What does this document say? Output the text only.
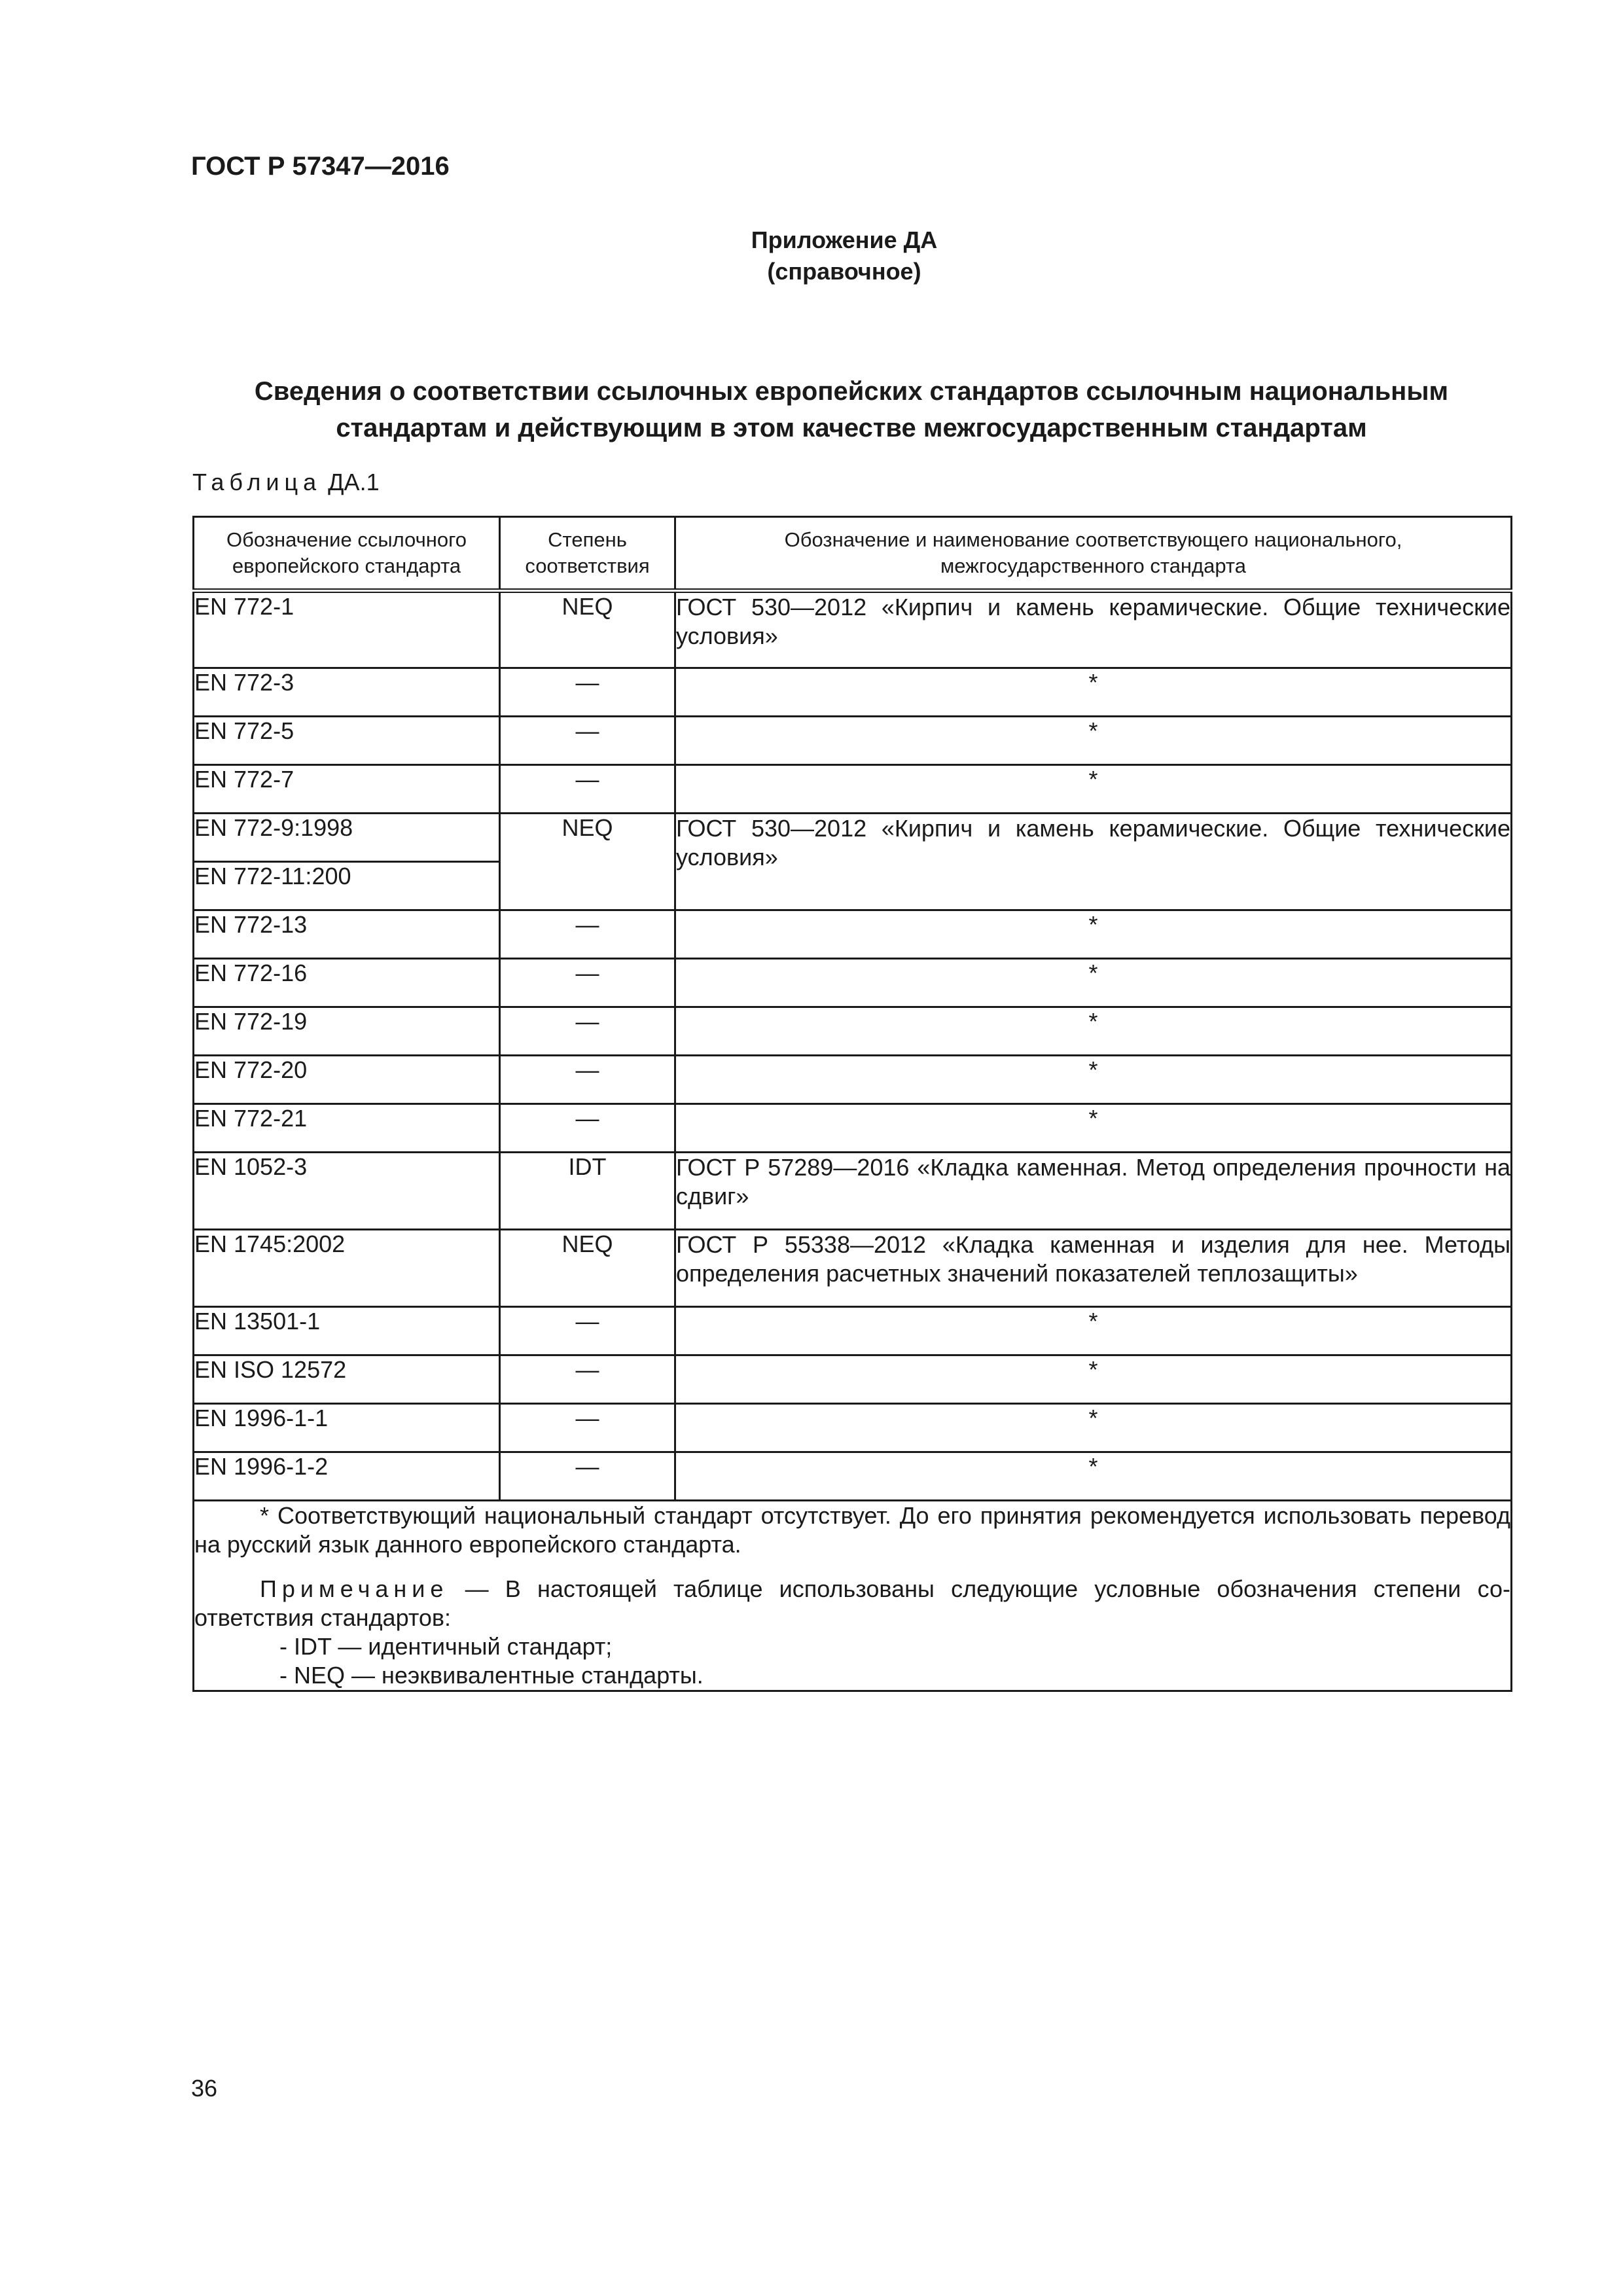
ГОСТ Р 57347—2016
Приложение ДА
(справочное)
Сведения о соответствии ссылочных европейских стандартов ссылочным национальным
стандартам и действующим в этом качестве межгосударственным стандартам
Таблица ДА.1
Обозначение ссылочного европейского стандарта	Степень соответствия	Обозначение и наименование соответствующего национального, межгосударственного стандарта
EN 772-1	NEQ	ГОСТ 530—2012 «Кирпич и камень керамические. Общие технические условия»
EN 772-3	—	*
EN 772-5	—	*
EN 772-7	—	*
EN 772-9:1998	NEQ	ГОСТ 530—2012 «Кирпич и камень керамические. Общие технические условия»
EN 772-11:200		
EN 772-13	—	*
EN 772-16	—	*
EN 772-19	—	*
EN 772-20	—	*
EN 772-21	—	*
EN 1052-3	IDT	ГОСТ Р 57289—2016 «Кладка каменная. Метод определения прочности на сдвиг»
EN 1745:2002	NEQ	ГОСТ Р 55338—2012 «Кладка каменная и изделия для нее. Методы определения расчетных значений показателей теплозащиты»
EN 13501-1	—	*
EN ISO 12572	—	*
EN 1996-1-1	—	*
EN 1996-1-2	—	*

* Соответствующий национальный стандарт отсутствует. До его принятия рекомендуется использовать перевод на русский язык данного европейского стандарта.

Примечание — В настоящей таблице использованы следующие условные обозначения степени соответствия стандартов:

- IDT — идентичный стандарт;

- NEQ — неэквивалентные стандарты.		

36
